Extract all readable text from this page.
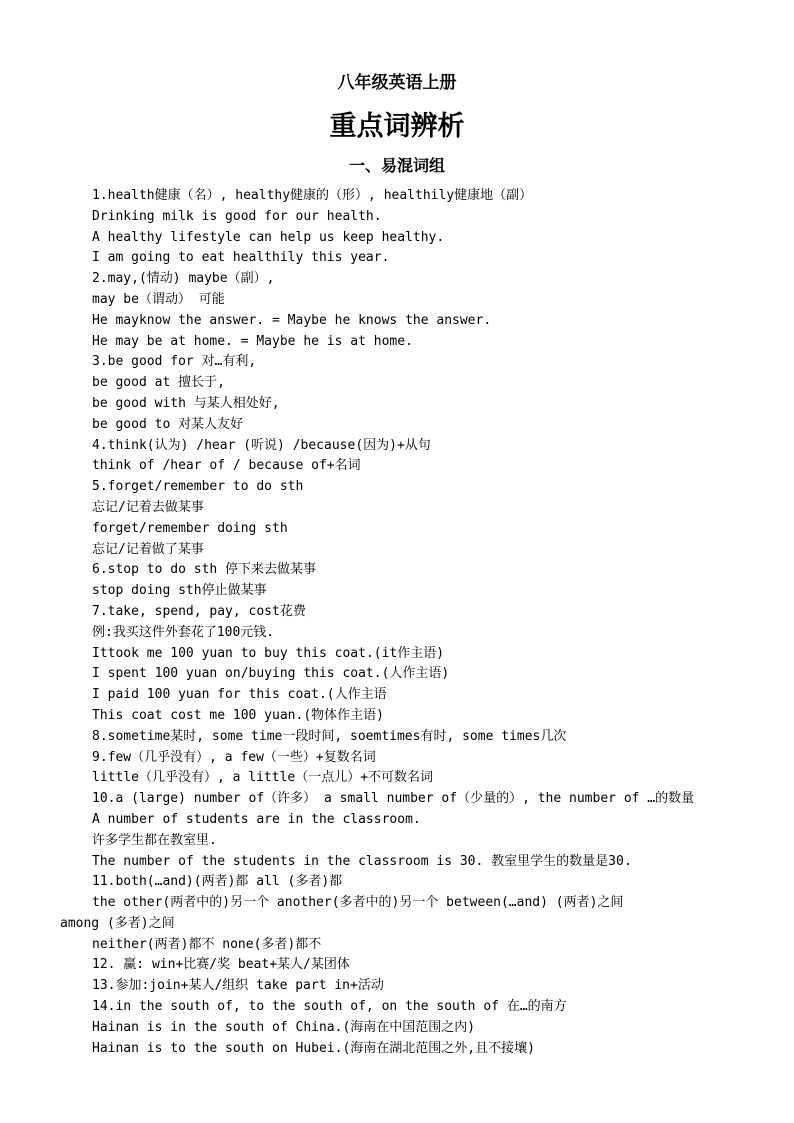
八年级英语上册
重点词辨析
一、易混词组
1.health健康（名）, healthy健康的（形）, healthily健康地（副）
Drinking milk is good for our health.
A healthy lifestyle can help us keep healthy.
I am going to eat healthily this year.
2.may,(情动) maybe（副）,
may be（谓动） 可能
He mayknow the answer. = Maybe he knows the answer.
He may be at home. = Maybe he is at home.
3.be good for 对…有利,
be good at 擅长于,
be good with 与某人相处好,
be good to 对某人友好
4.think(认为) /hear (听说) /because(因为)+从句
think of /hear of / because of+名词
5.forget/remember to do sth
忘记/记着去做某事
forget/remember doing sth
忘记/记着做了某事
6.stop to do sth 停下来去做某事
stop doing sth停止做某事
7.take, spend, pay, cost花费
例:我买这件外套花了100元钱.
Ittook me 100 yuan to buy this coat.(it作主语)
I spent 100 yuan on/buying this coat.(人作主语)
I paid 100 yuan for this coat.(人作主语
This coat cost me 100 yuan.(物体作主语)
8.sometime某时, some time一段时间, soemtimes有时, some times几次
9.few（几乎没有）, a few（一些）+复数名词
little（几乎没有）, a little（一点儿）+不可数名词
10.a (large) number of（许多） a small number of（少量的）, the number of …的数量
A number of students are in the classroom.
许多学生都在教室里.
The number of the students in the classroom is 30. 教室里学生的数量是30.
11.both(…and)(两者)都 all (多者)都
the other(两者中的)另一个 another(多者中的)另一个 between(…and) (两者)之间
among (多者)之间
neither(两者)都不 none(多者)都不
12. 赢: win+比赛/奖 beat+某人/某团体
13.参加:join+某人/组织 take part in+活动
14.in the south of, to the south of, on the south of 在…的南方
Hainan is in the south of China.(海南在中国范围之内)
Hainan is to the south on Hubei.(海南在湖北范围之外,且不接壤)
